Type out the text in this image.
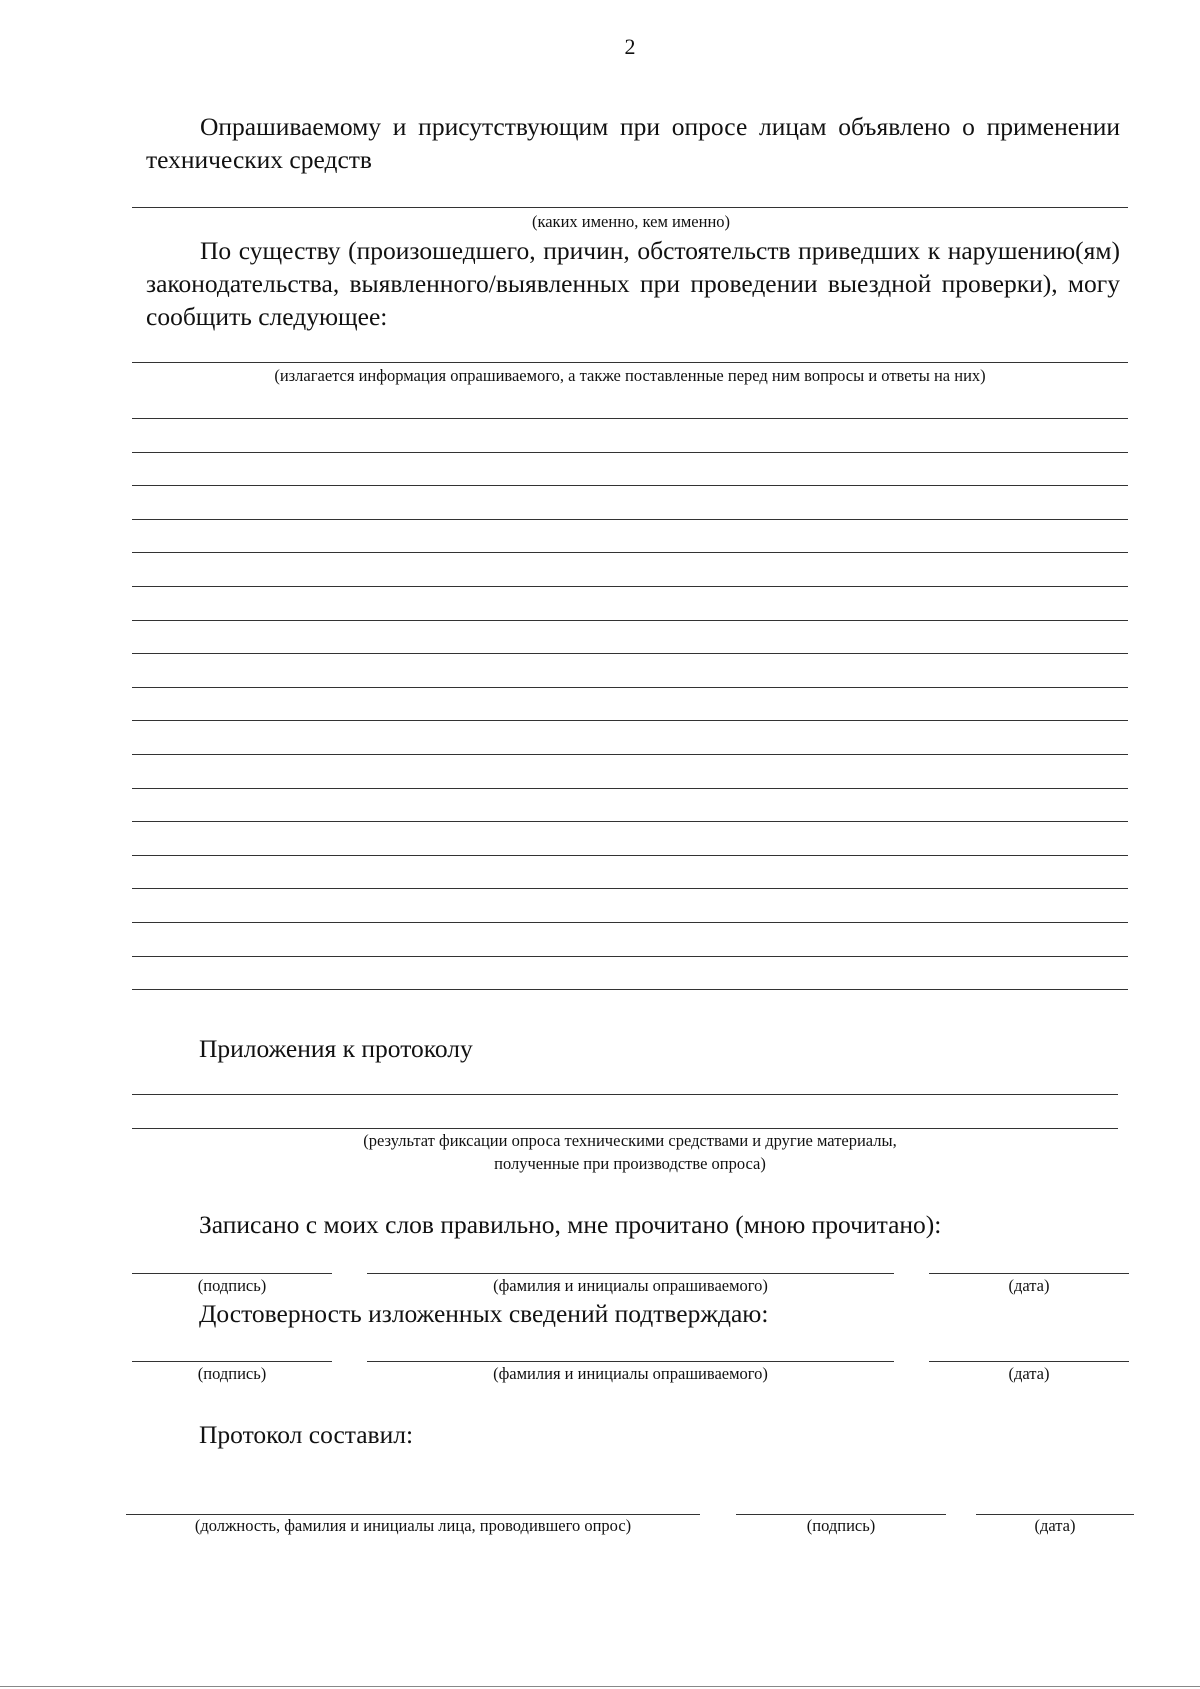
2

Опрашиваемому и присутствующим при опросе лицам объявлено о применении технических средств

(каких именно, кем именно)

По существу (произошедшего, причин, обстоятельств приведших к нарушению(ям) законодательства, выявленного/выявленных при проведении выездной проверки), могу сообщить следующее:

(излагается информация опрашиваемого, а также поставленные перед ним вопросы и ответы на них)
Приложения к протоколу
(результат фиксации опроса техническими средствами и другие материалы,
полученные при производстве опроса)
Записано с моих слов правильно, мне прочитано (мною прочитано):
(подпись)	(фамилия и инициалы опрашиваемого)	(дата)
Достоверность изложенных сведений подтверждаю:
(подпись)	(фамилия и инициалы опрашиваемого)	(дата)
Протокол составил:
(должность, фамилия и инициалы лица, проводившего опрос)	(подпись)	(дата)
